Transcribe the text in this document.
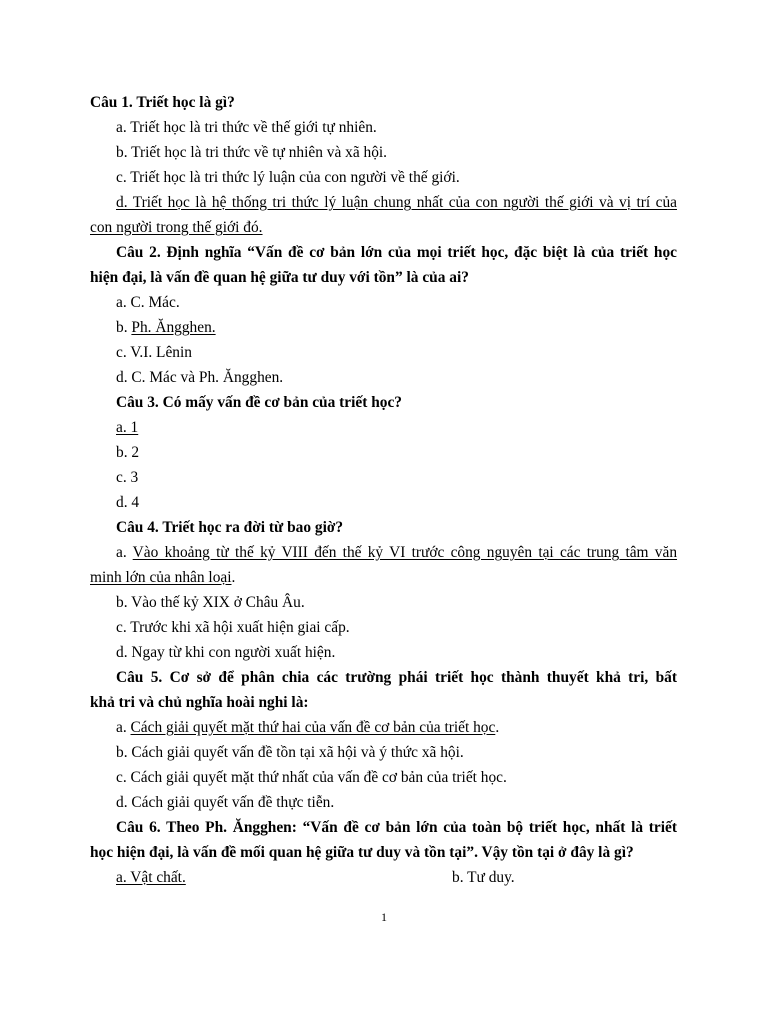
Câu 1. Triết học là gì?
a. Triết học là tri thức về thế giới tự nhiên.
b. Triết học là tri thức về tự nhiên và xã hội.
c. Triết học là tri thức lý luận của con người về thế giới.
d. Triết học là hệ thống tri thức lý luận chung nhất của con người thế giới và vị trí của
con người trong thế giới đó.
Câu 2. Định nghĩa “Vấn đề cơ bản lớn của mọi triết học, đặc biệt là của triết học
hiện đại, là vấn đề quan hệ giữa tư duy với tồn” là của ai?
a. C. Mác.
b. Ph. Ăngghen.
c. V.I. Lênin
d. C. Mác và Ph. Ăngghen.
Câu 3. Có mấy vấn đề cơ bản của triết học?
a. 1
b. 2
c. 3
d. 4
Câu 4. Triết học ra đời từ bao giờ?
a. Vào khoảng từ thế kỷ VIII đến thế kỷ VI trước công nguyên tại các trung tâm văn
minh lớn của nhân loại.
b. Vào thế kỷ XIX ở Châu Âu.
c. Trước khi xã hội xuất hiện giai cấp.
d. Ngay từ khi con người xuất hiện.
Câu 5. Cơ sở để phân chia các trường phái triết học thành thuyết khả tri, bất
khả tri và chủ nghĩa hoài nghi là:
a. Cách giải quyết mặt thứ hai của vấn đề cơ bản của triết học.
b. Cách giải quyết vấn đề tồn tại xã hội và ý thức xã hội.
c. Cách giải quyết mặt thứ nhất của vấn đề cơ bản của triết học.
d. Cách giải quyết vấn đề thực tiễn.
Câu 6. Theo Ph. Ăngghen: “Vấn đề cơ bản lớn của toàn bộ triết học, nhất là triết
học hiện đại, là vấn đề mối quan hệ giữa tư duy và tồn tại”. Vậy tồn tại ở đây là gì?
a. Vật chất.	b. Tư duy.
1
